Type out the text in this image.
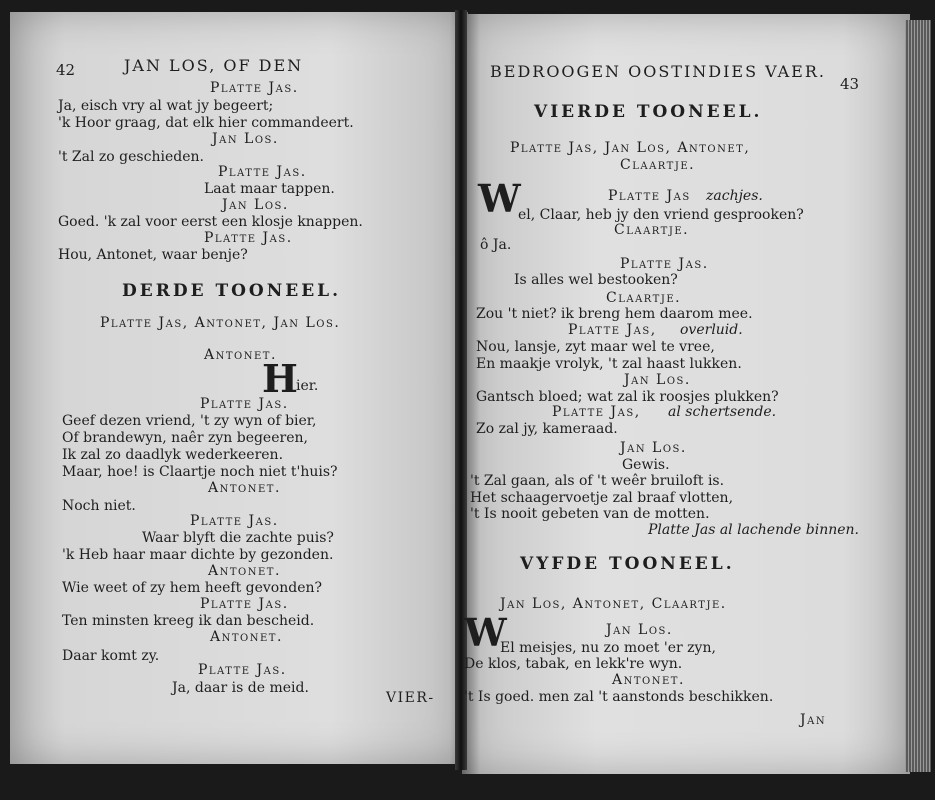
42	JAN LOS, OF DEN
Platte Jas.
Ja, eisch vry al wat jy begeert;
'k Hoor graag, dat elk hier commandeert.
Jan Los.
't Zal zo geschieden.
Platte Jas.
Laat maar tappen.
Jan Los.
Goed. 'k zal voor eerst een klosje knappen.
Platte Jas.
Hou, Antonet, waar benje?
DERDE TOONEEL.
Platte Jas, Antonet, Jan Los.
Antonet.
H
ier.
Platte Jas.
Geef dezen vriend, 't zy wyn of bier,
Of brandewyn, naêr zyn begeeren,
Ik zal zo daadlyk wederkeeren.
Maar, hoe! is Claartje noch niet t'huis?
Antonet.
Noch niet.
Platte Jas.
Waar blyft die zachte puis?
'k Heb haar maar dichte by gezonden.
Antonet.
Wie weet of zy hem heeft gevonden?
Platte Jas.
Ten minsten kreeg ik dan bescheid.
Antonet.
Daar komt zy.
Platte Jas.
Ja, daar is de meid.
VIER-
BEDROOGEN OOSTINDIES VAER.
43
VIERDE TOONEEL.
Platte Jas, Jan Los, Antonet,
Claartje.
W	Platte Jas zachjes.
el, Claar, heb jy den vriend gesprooken?
Claartje.
ô Ja.
Platte Jas.
Is alles wel bestooken?
Claartje.
Zou 't niet? ik breng hem daarom mee.
Platte Jas, overluid.
Nou, lansje, zyt maar wel te vree,
En maakje vrolyk, 't zal haast lukken.
Jan Los.
Gantsch bloed; wat zal ik roosjes plukken?
Platte Jas, al schertsende.
Zo zal jy, kameraad.
Jan Los.
Gewis.
't Zal gaan, als of 't weêr bruiloft is.
Het schaagervoetje zal braaf vlotten,
't Is nooit gebeten van de motten.
Platte Jas al lachende binnen.
VYFDE TOONEEL.
Jan Los, Antonet, Claartje.
W	Jan Los.
El meisjes, nu zo moet 'er zyn,
De klos, tabak, en lekk're wyn.
Antonet.
't Is goed. men zal 't aanstonds beschikken.
Jan
